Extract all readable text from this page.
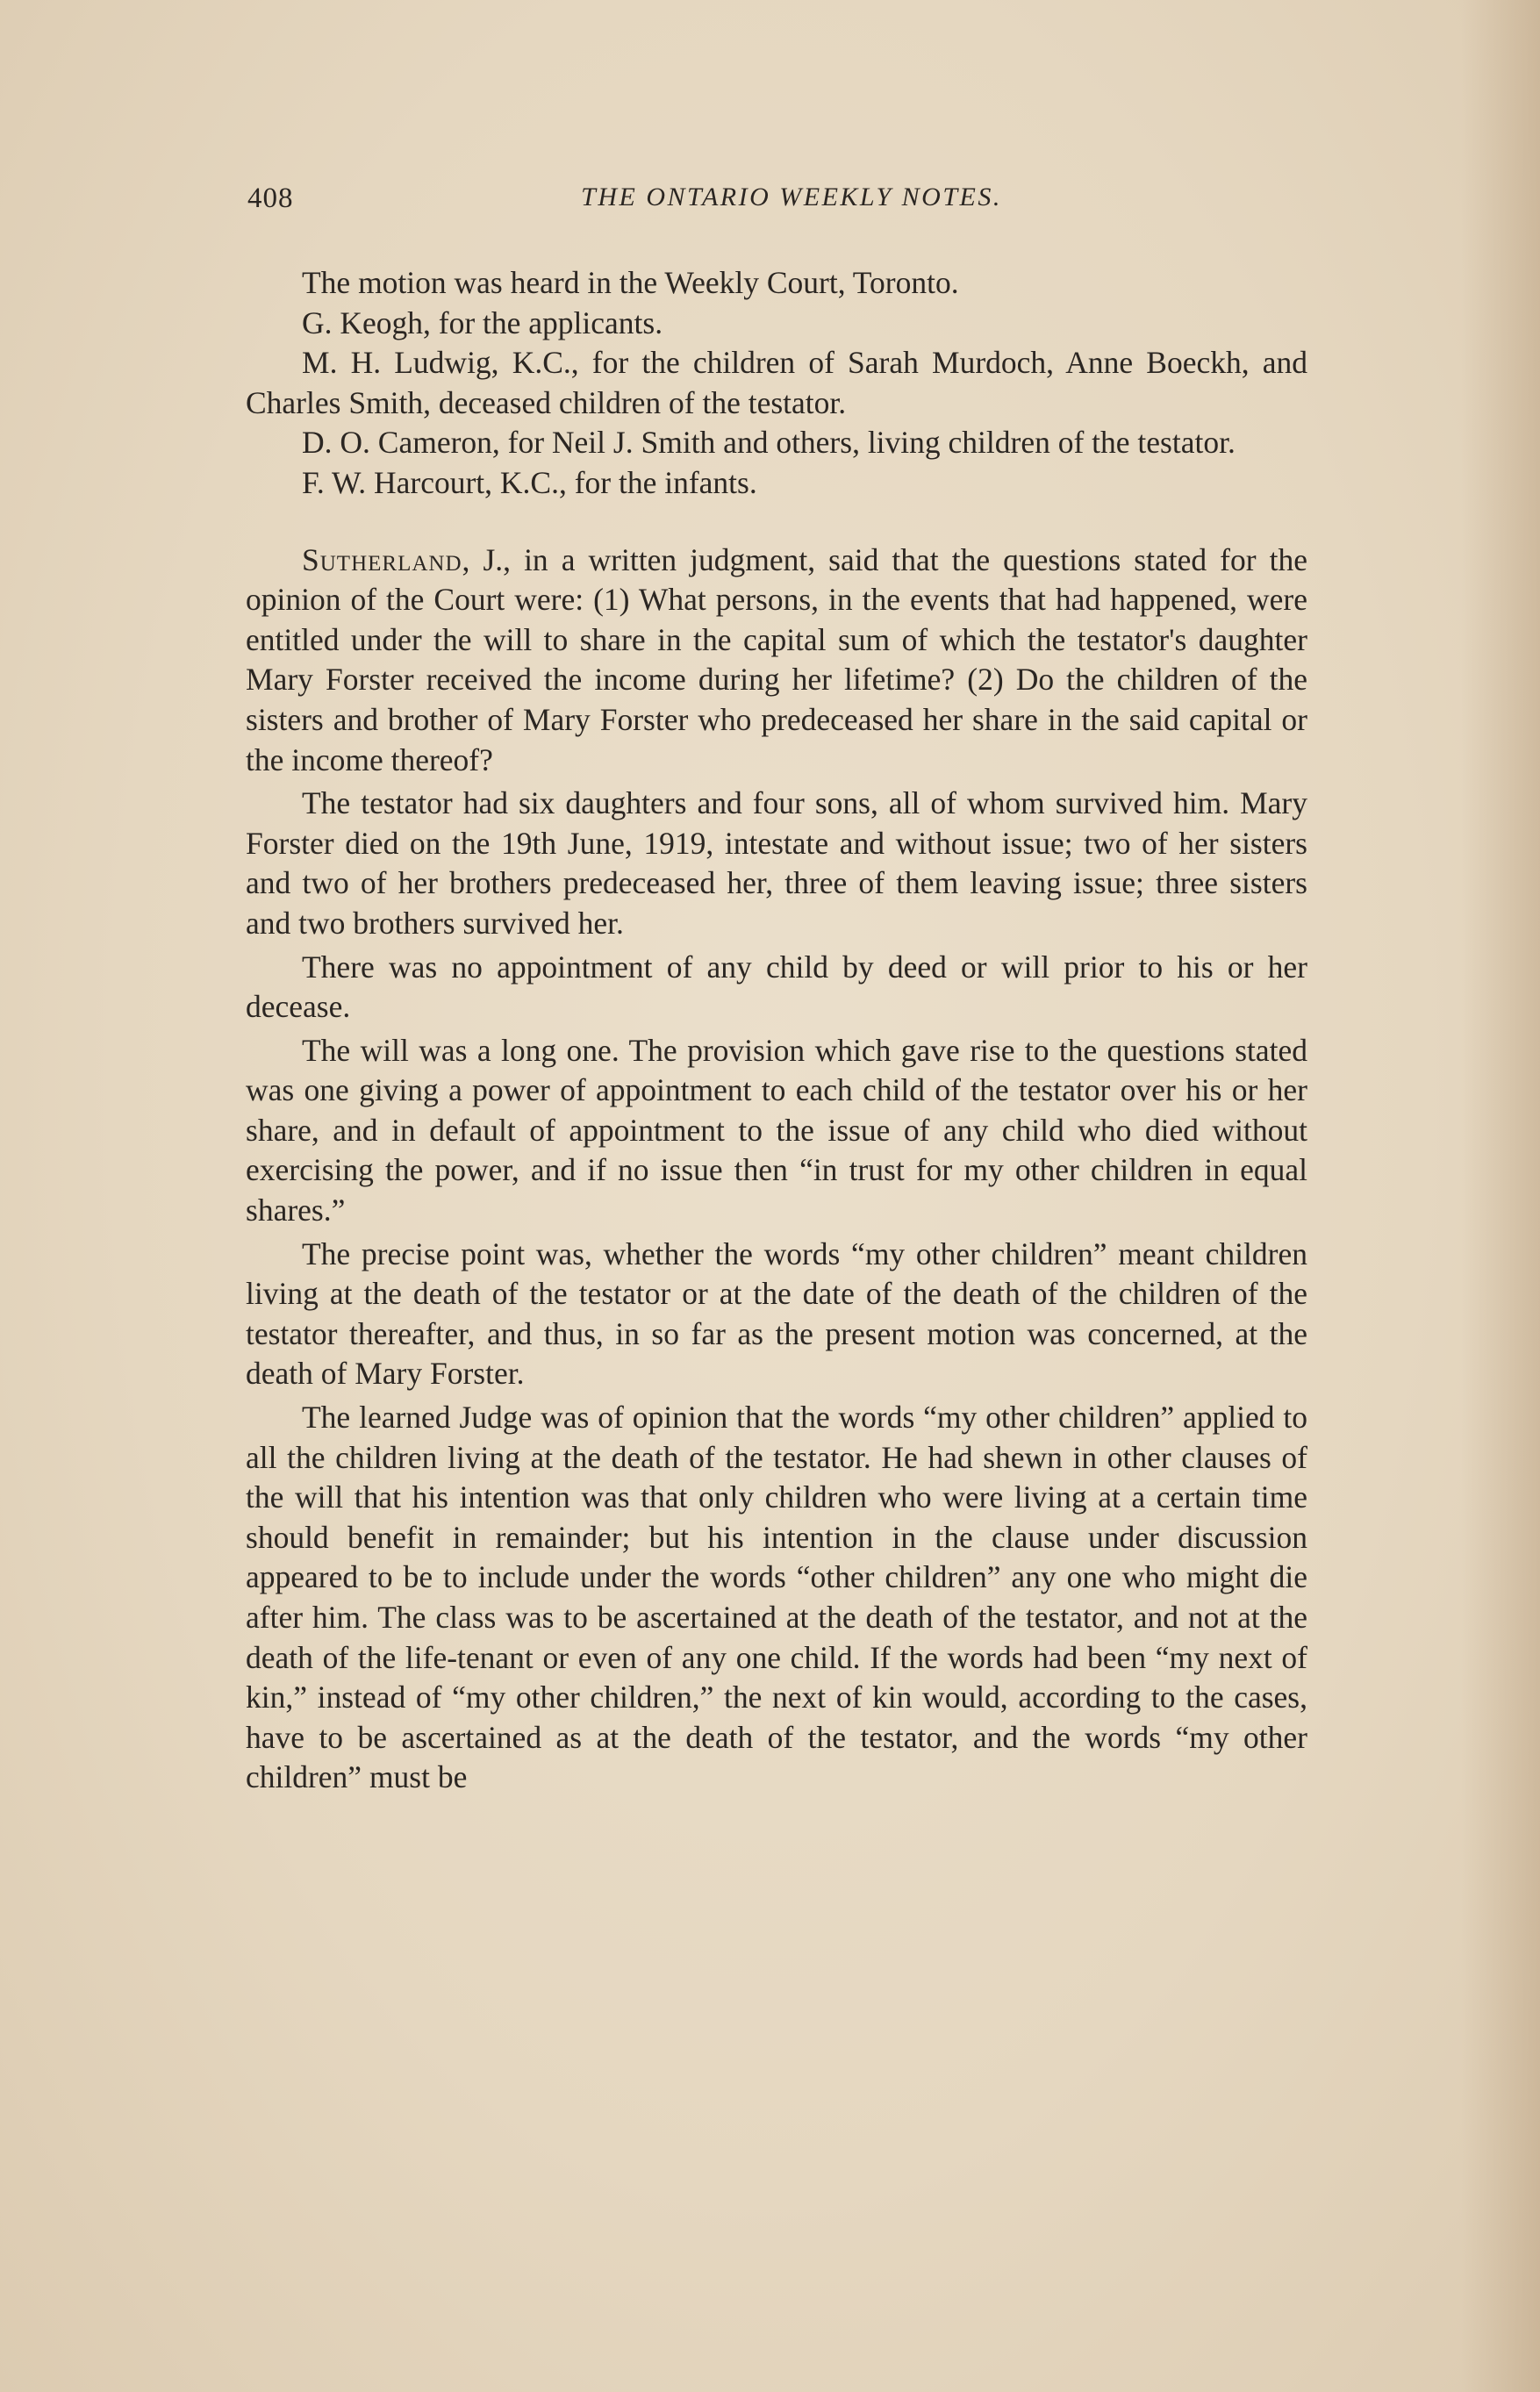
408	THE ONTARIO WEEKLY NOTES.

The motion was heard in the Weekly Court, Toronto.

G. Keogh, for the applicants.

M. H. Ludwig, K.C., for the children of Sarah Murdoch, Anne Boeckh, and Charles Smith, deceased children of the testator.

D. O. Cameron, for Neil J. Smith and others, living children of the testator.

F. W. Harcourt, K.C., for the infants.

Sutherland, J., in a written judgment, said that the questions stated for the opinion of the Court were: (1) What persons, in the events that had happened, were entitled under the will to share in the capital sum of which the testator's daughter Mary Forster received the income during her lifetime? (2) Do the children of the sisters and brother of Mary Forster who predeceased her share in the said capital or the income thereof?

The testator had six daughters and four sons, all of whom survived him. Mary Forster died on the 19th June, 1919, intestate and without issue; two of her sisters and two of her brothers predeceased her, three of them leaving issue; three sisters and two brothers survived her.

There was no appointment of any child by deed or will prior to his or her decease.

The will was a long one. The provision which gave rise to the questions stated was one giving a power of appointment to each child of the testator over his or her share, and in default of appointment to the issue of any child who died without exercising the power, and if no issue then “in trust for my other children in equal shares.”

The precise point was, whether the words “my other children” meant children living at the death of the testator or at the date of the death of the children of the testator thereafter, and thus, in so far as the present motion was concerned, at the death of Mary Forster.

The learned Judge was of opinion that the words “my other children” applied to all the children living at the death of the testator. He had shewn in other clauses of the will that his intention was that only children who were living at a certain time should benefit in remainder; but his intention in the clause under discussion appeared to be to include under the words “other children” any one who might die after him. The class was to be ascertained at the death of the testator, and not at the death of the life-tenant or even of any one child. If the words had been “my next of kin,” instead of “my other children,” the next of kin would, according to the cases, have to be ascertained as at the death of the testator, and the words “my other children” must be
